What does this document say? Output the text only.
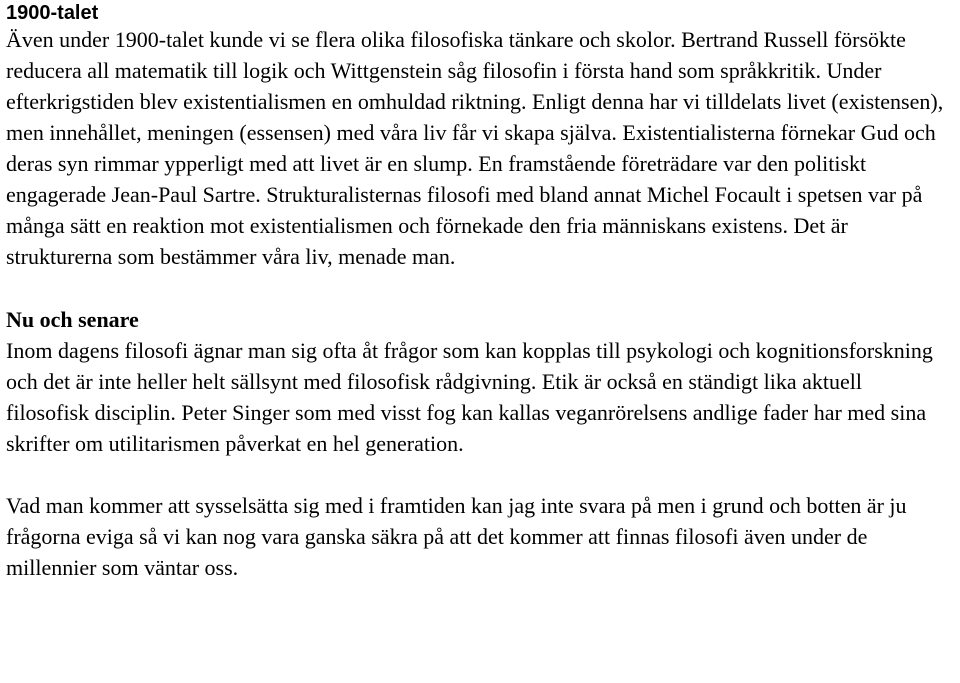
1900-talet

Även under 1900-talet kunde vi se flera olika filosofiska tänkare och skolor. Bertrand Russell försökte reducera all matematik till logik och Wittgenstein såg filosofin i första hand som språkkritik. Under efterkrigstiden blev existentialismen en omhuldad riktning. Enligt denna har vi tilldelats livet (existensen), men innehållet, meningen (essensen) med våra liv får vi skapa själva. Existentialisterna förnekar Gud och deras syn rimmar ypperligt med att livet är en slump. En framstående företrädare var den politiskt engagerade Jean-Paul Sartre. Strukturalisternas filosofi med bland annat Michel Focault i spetsen var på många sätt en reaktion mot existentialismen och förnekade den fria människans existens. Det är strukturerna som bestämmer våra liv, menade man.

Nu och senare

Inom dagens filosofi ägnar man sig ofta åt frågor som kan kopplas till psykologi och kognitionsforskning och det är inte heller helt sällsynt med filosofisk rådgivning. Etik är också en ständigt lika aktuell filosofisk disciplin. Peter Singer som med visst fog kan kallas veganrörelsens andlige fader har med sina skrifter om utilitarismen påverkat en hel generation.

Vad man kommer att sysselsätta sig med i framtiden kan jag inte svara på men i grund och botten är ju frågorna eviga så vi kan nog vara ganska säkra på att det kommer att finnas filosofi även under de millennier som väntar oss.
